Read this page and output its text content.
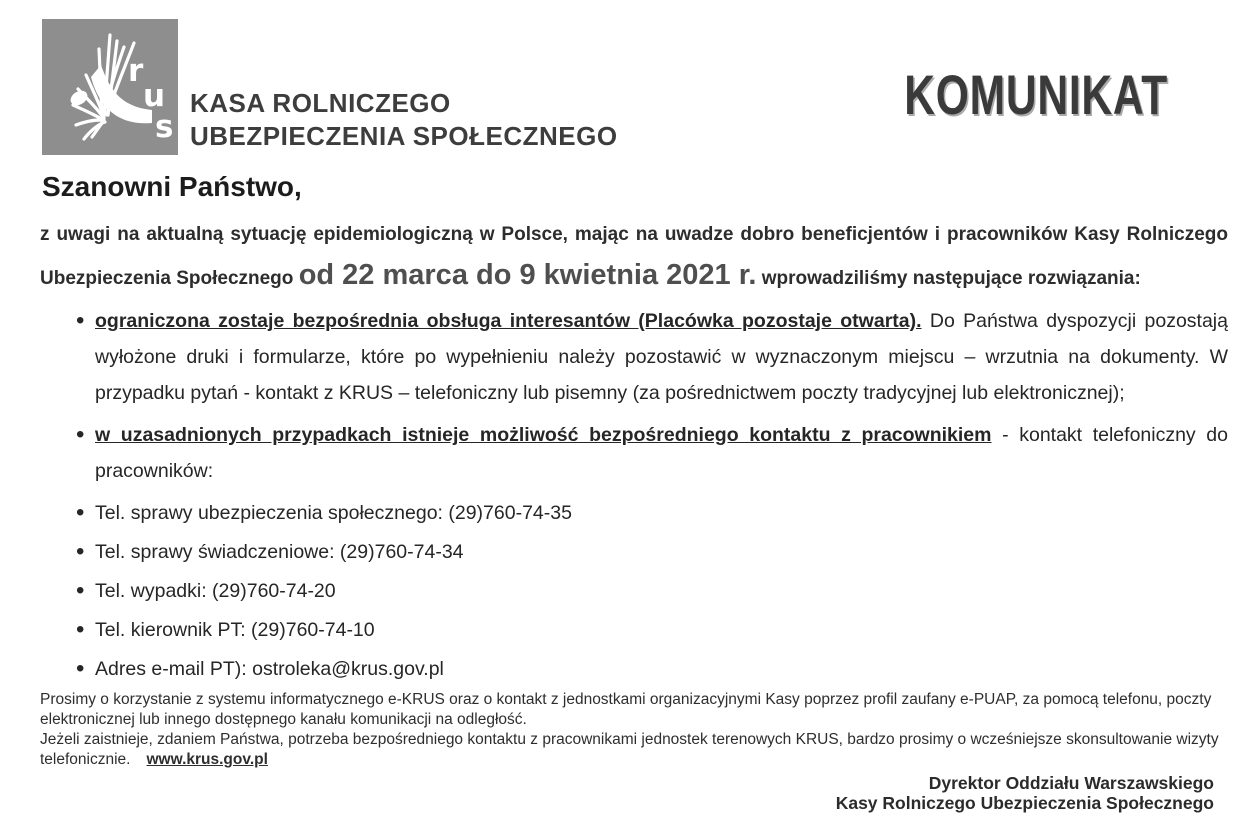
r
u
s
KASA ROLNICZEGO
UBEZPIECZENIA SPOŁECZNEGO
KOMUNIKAT
Szanowni Państwo,

z uwagi na aktualną sytuację epidemiologiczną w Polsce, mając na uwadze dobro beneficjentów i pracowników Kasy Rolniczego Ubezpieczenia Społecznego od 22 marca do 9 kwietnia 2021 r. wprowadziliśmy następujące rozwiązania:

• ograniczona zostaje bezpośrednia obsługa interesantów (Placówka pozostaje otwarta). Do Państwa dyspozycji pozostają wyłożone druki i formularze, które po wypełnieniu należy pozostawić w wyznaczonym miejscu – wrzutnia na dokumenty. W przypadku pytań - kontakt z KRUS – telefoniczny lub pisemny (za pośrednictwem poczty tradycyjnej lub elektronicznej);
• w uzasadnionych przypadkach istnieje możliwość bezpośredniego kontaktu z pracownikiem - kontakt telefoniczny do pracowników:
• Tel. sprawy ubezpieczenia społecznego: (29)760-74-35
• Tel. sprawy świadczeniowe: (29)760-74-34
• Tel. wypadki: (29)760-74-20
• Tel. kierownik PT: (29)760-74-10
• Adres e-mail PT): ostroleka@krus.gov.pl

Prosimy o korzystanie z systemu informatycznego e-KRUS oraz o kontakt z jednostkami organizacyjnymi Kasy poprzez profil zaufany e-PUAP, za pomocą telefonu, poczty elektronicznej lub innego dostępnego kanału komunikacji na odległość.

Jeżeli zaistnieje, zdaniem Państwa, potrzeba bezpośredniego kontaktu z pracownikami jednostek terenowych KRUS, bardzo prosimy o wcześniejsze skonsultowanie wizyty telefonicznie. www.krus.gov.pl

Dyrektor Oddziału Warszawskiego
Kasy Rolniczego Ubezpieczenia Społecznego
